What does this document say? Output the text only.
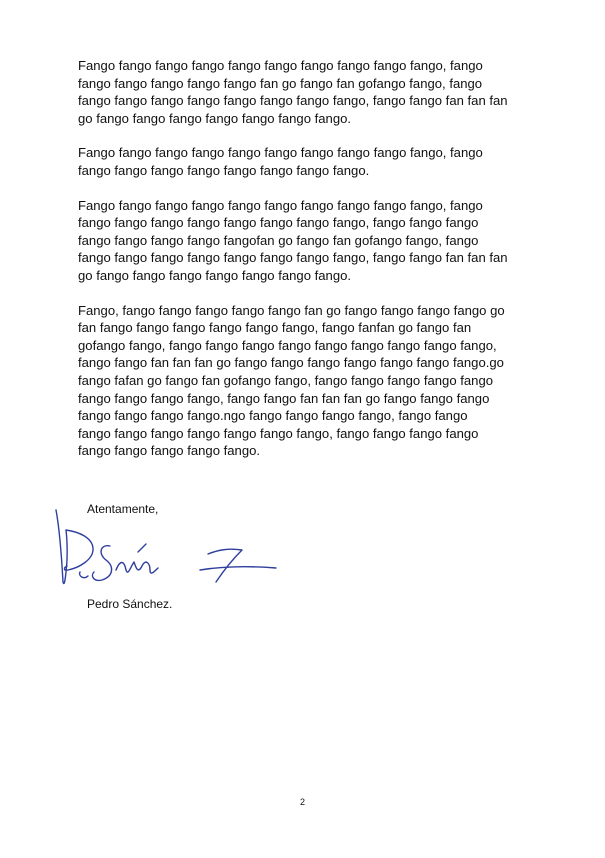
Fango fango fango fango fango fango fango fango fango fango, fango
fango fango fango fango fango fan go fango fan gofango fango, fango
fango fango fango fango fango fango fango fango, fango fango fan fan fan
go fango fango fango fango fango fango fango.

Fango fango fango fango fango fango fango fango fango fango, fango
fango fango fango fango fango fango fango fango.

Fango fango fango fango fango fango fango fango fango fango, fango
fango fango fango fango fango fango fango fango, fango fango fango
fango fango fango fango fangofan go fango fan gofango fango, fango
fango fango fango fango fango fango fango fango, fango fango fan fan fan
go fango fango fango fango fango fango fango.

Fango, fango fango fango fango fango fan go fango fango fango fango go
fan fango fango fango fango fango fango, fango fanfan go fango fan
gofango fango, fango fango fango fango fango fango fango fango fango,
fango fango fan fan fan go fango fango fango fango fango fango fango.go
fango fafan go fango fan gofango fango, fango fango fango fango fango
fango fango fango fango, fango fango fan fan fan go fango fango fango
fango fango fango fango.ngo fango fango fango fango, fango fango
fango fango fango fango fango fango fango, fango fango fango fango
fango fango fango fango fango.

Atentamente,
Pedro Sánchez.
2
